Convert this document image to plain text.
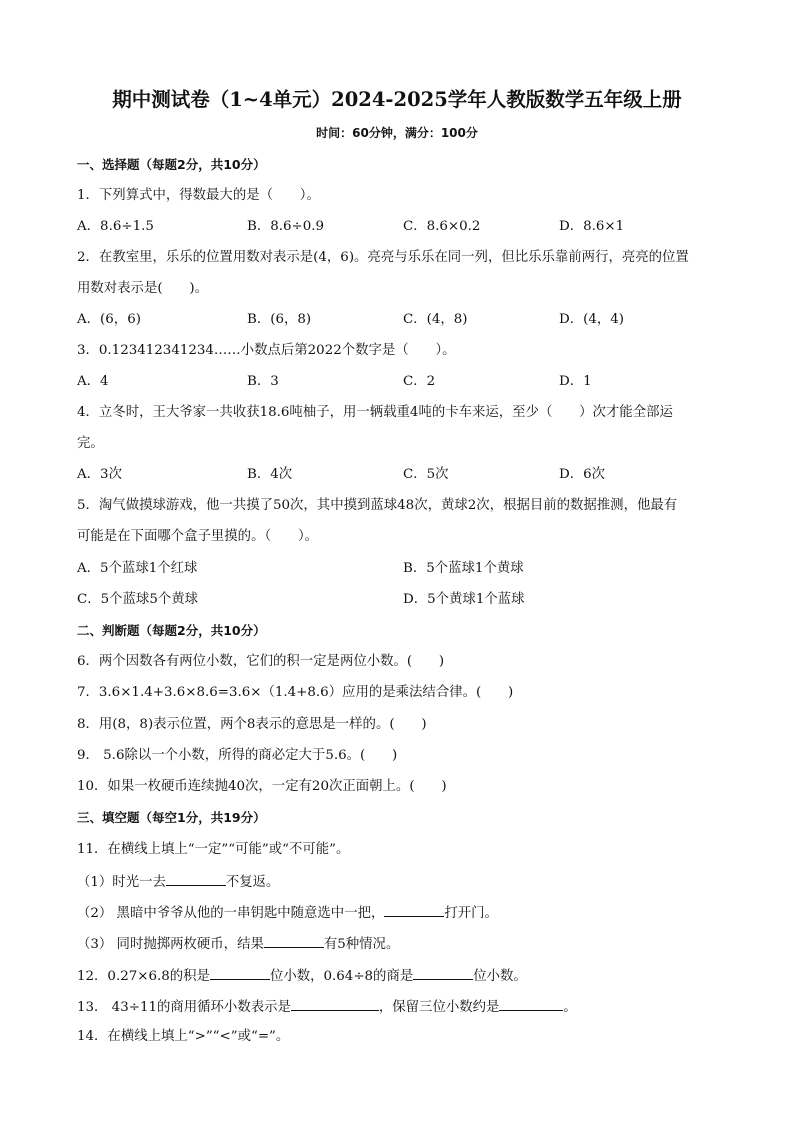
期中测试卷（1~4单元）2024-2025学年人教版数学五年级上册
时间：60分钟，满分：100分
一、选择题（每题2分，共10分）
1．下列算式中，得数最大的是（　　）。
A．8.6÷1.5	B．8.6÷0.9	C．8.6×0.2	D．8.6×1
2．在教室里，乐乐的位置用数对表示是(4，6)。亮亮与乐乐在同一列，但比乐乐靠前两行，亮亮的位置
用数对表示是(　　)。
A．(6，6)	B．(6，8)	C．(4，8)	D．(4，4)
3．0.123412341234……小数点后第2022个数字是（　　）。
A．4	B．3	C．2	D．1
4．立冬时，王大爷家一共收获18.6吨柚子，用一辆载重4吨的卡车来运，至少（　　）次才能全部运
完。
A．3次	B．4次	C．5次	D．6次
5．淘气做摸球游戏，他一共摸了50次，其中摸到蓝球48次，黄球2次，根据目前的数据推测，他最有
可能是在下面哪个盒子里摸的。（　　）。
A．5个蓝球1个红球	B．5个蓝球1个黄球
C．5个蓝球5个黄球	D．5个黄球1个蓝球
二、判断题（每题2分，共10分）
6．两个因数各有两位小数，它们的积一定是两位小数。(　　)
7．3.6×1.4+3.6×8.6=3.6×（1.4+8.6）应用的是乘法结合律。(　　)
8．用(8，8)表示位置，两个8表示的意思是一样的。(　　)
9． 5.6除以一个小数，所得的商必定大于5.6。(　　)
10．如果一枚硬币连续抛40次，一定有20次正面朝上。(　　)
三、填空题（每空1分，共19分）
11．在横线上填上“一定”“可能”或“不可能”。
（1）时光一去	不复返。
（2） 黑暗中爷爷从他的一串钥匙中随意选中一把，	打开门。
（3） 同时抛掷两枚硬币，结果	有5种情况。
12．0.27×6.8的积是	位小数，0.64÷8的商是	位小数。
13． 43÷11的商用循环小数表示是	，保留三位小数约是	。
14．在横线上填上“>”“<”或“=”。
